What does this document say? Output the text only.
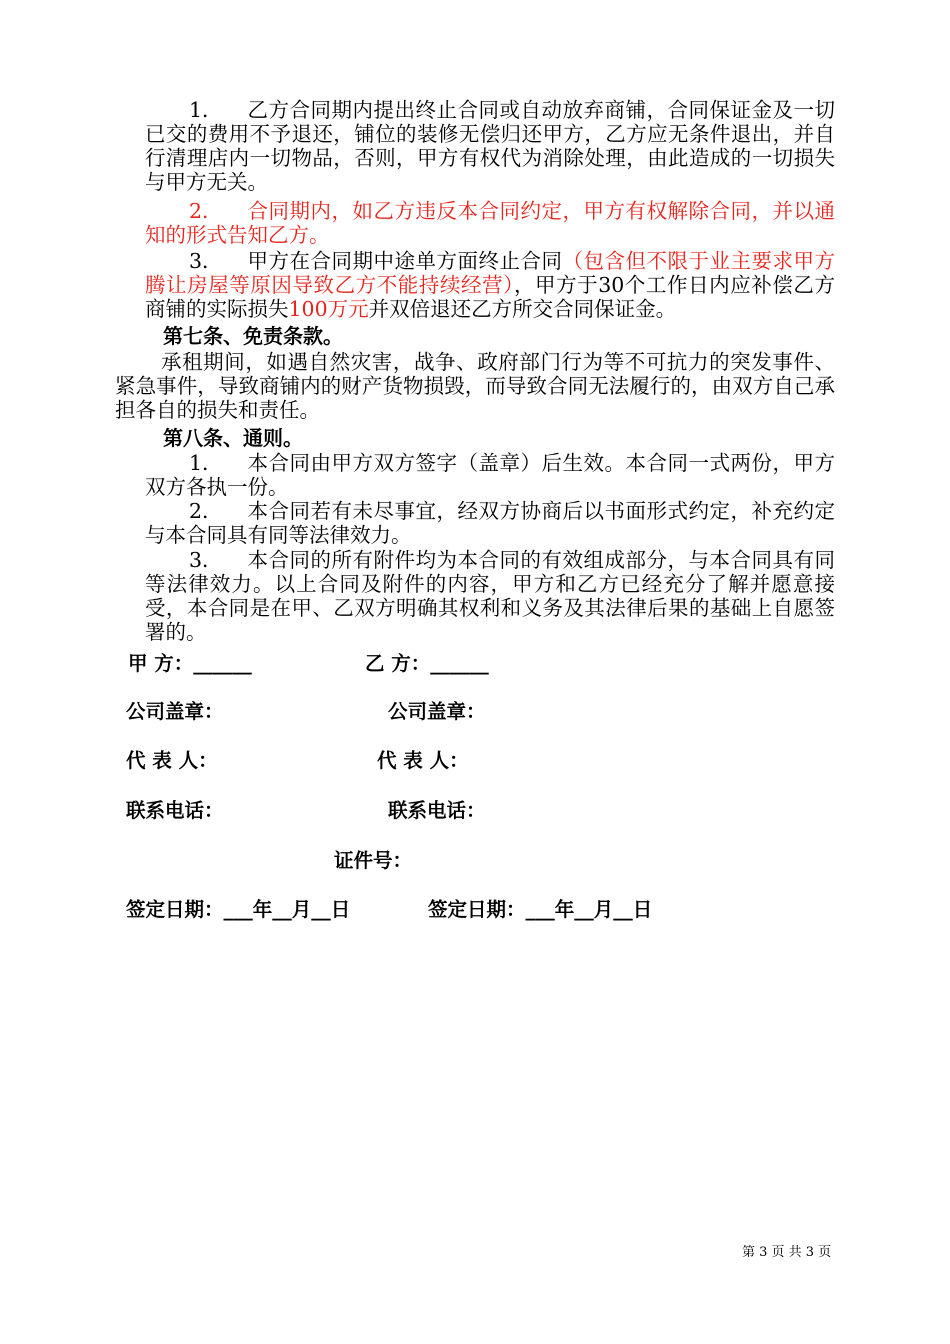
1． 乙方合同期内提出终止合同或自动放弃商铺，合同保证金及一切已交的费用不予退还，铺位的装修无偿归还甲方，乙方应无条件退出，并自行清理店内一切物品，否则，甲方有权代为消除处理，由此造成的一切损失与甲方无关。
2． 合同期内，如乙方违反本合同约定，甲方有权解除合同，并以通知的形式告知乙方。
3． 甲方在合同期中途单方面终止合同（包含但不限于业主要求甲方腾让房屋等原因导致乙方不能持续经营），甲方于30个工作日内应补偿乙方商铺的实际损失100万元并双倍退还乙方所交合同保证金。
第七条、免责条款。
承租期间，如遇自然灾害，战争、政府部门行为等不可抗力的突发事件、紧急事件，导致商铺内的财产货物损毁，而导致合同无法履行的，由双方自己承担各自的损失和责任。
第八条、通则。
1． 本合同由甲方双方签字（盖章）后生效。本合同一式两份，甲方双方各执一份。
2． 本合同若有未尽事宜，经双方协商后以书面形式约定，补充约定与本合同具有同等法律效力。
3． 本合同的所有附件均为本合同的有效组成部分，与本合同具有同等法律效力。以上合同及附件的内容，甲方和乙方已经充分了解并愿意接受，本合同是在甲、乙双方明确其权利和义务及其法律后果的基础上自愿签署的。
甲 方：______	乙 方：______
公司盖章：	公司盖章：
代 表 人：	代 表 人：
联系电话：	联系电话：
证件号：
签定日期：___年__月__日	签定日期：___年__月__日
第 3 页 共 3 页
